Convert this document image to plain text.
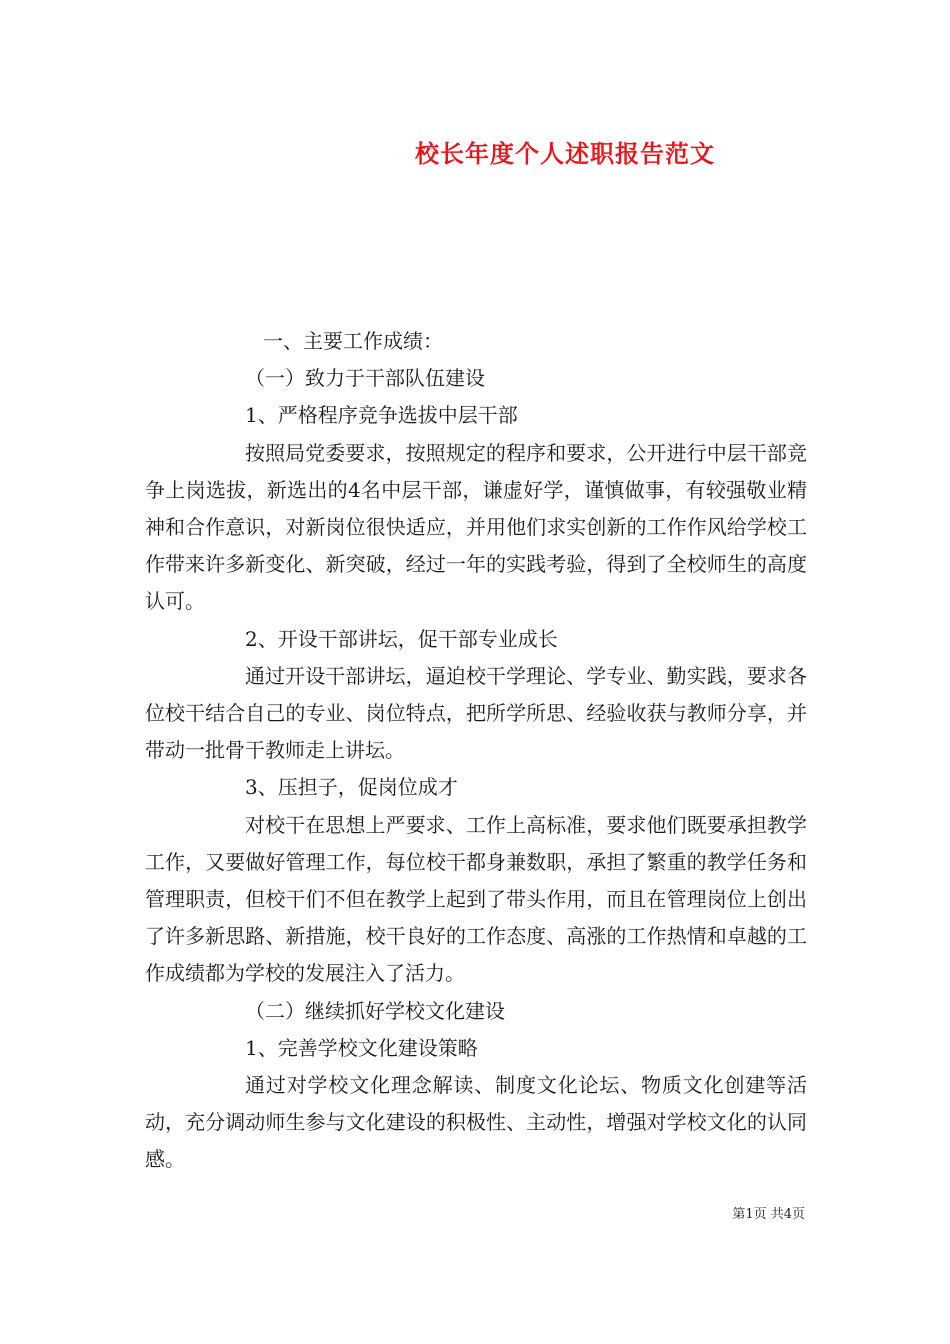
校长年度个人述职报告范文

一、主要工作成绩：

（一）致力于干部队伍建设

1、严格程序竞争选拔中层干部

按照局党委要求，按照规定的程序和要求，公开进行中层干部竞争上岗选拔，新选出的4名中层干部，谦虚好学，谨慎做事，有较强敬业精神和合作意识，对新岗位很快适应，并用他们求实创新的工作作风给学校工作带来许多新变化、新突破，经过一年的实践考验，得到了全校师生的高度认可。

2、开设干部讲坛，促干部专业成长

通过开设干部讲坛，逼迫校干学理论、学专业、勤实践，要求各位校干结合自己的专业、岗位特点，把所学所思、经验收获与教师分享，并带动一批骨干教师走上讲坛。

3、压担子，促岗位成才

对校干在思想上严要求、工作上高标准，要求他们既要承担教学工作，又要做好管理工作，每位校干都身兼数职，承担了繁重的教学任务和管理职责，但校干们不但在教学上起到了带头作用，而且在管理岗位上创出了许多新思路、新措施，校干良好的工作态度、高涨的工作热情和卓越的工作成绩都为学校的发展注入了活力。

（二）继续抓好学校文化建设

1、完善学校文化建设策略

通过对学校文化理念解读、制度文化论坛、物质文化创建等活动，充分调动师生参与文化建设的积极性、主动性，增强对学校文化的认同感。

第1页 共4页
